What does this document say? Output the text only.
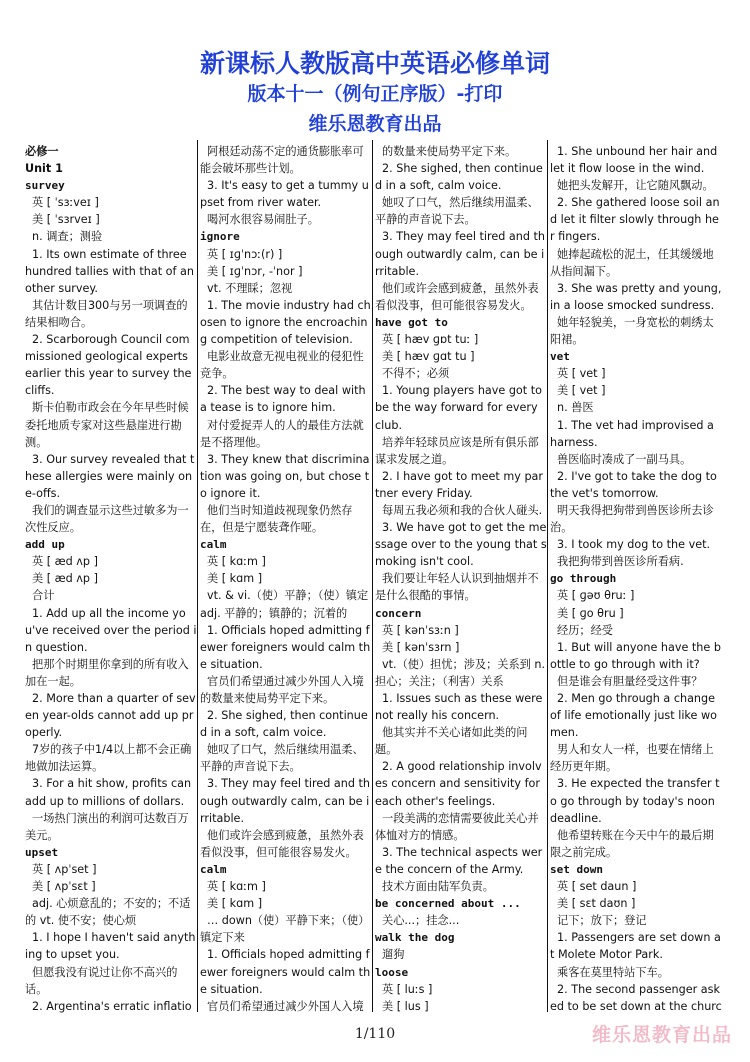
新课标人教版高中英语必修单词
版本十一（例句正序版）-打印
维乐恩教育出品
必修一
Unit 1
survey
英 [ ˈsɜːveɪ ]
美 [ ˈsɜrveɪ ]
n. 调查；测验
1. Its own estimate of three hundred tallies with that of another survey.
其估计数目300与另一项调查的结果相吻合。
2. Scarborough Council commissioned geological experts earlier this year to survey the cliffs.
斯卡伯勒市政会在今年早些时候委托地质专家对这些悬崖进行勘测。
3. Our survey revealed that these allergies were mainly one-offs.
我们的调查显示这些过敏多为一次性反应。
add up
英 [ æd ʌp ]
美 [ æd ʌp ]
合计
1. Add up all the income you've received over the period in question.
把那个时期里你拿到的所有收入加在一起。
2. More than a quarter of seven year-olds cannot add up properly.
7岁的孩子中1/4以上都不会正确地做加法运算。
3. For a hit show, profits can add up to millions of dollars.
一场热门演出的利润可达数百万美元。
upset
英 [ ʌpˈset ]
美 [ ʌpˈsɛt ]
adj. 心烦意乱的；不安的；不适的 vt. 使不安；使心烦
1. I hope I haven't said anything to upset you.
但愿我没有说过让你不高兴的话。
2. Argentina's erratic inflatio
阿根廷动荡不定的通货膨胀率可能会破坏那些计划。
3. It's easy to get a tummy upset from river water.
喝河水很容易闹肚子。
ignore
英 [ ɪɡˈnɔː(r) ]
美 [ ɪɡˈnɔr, -ˈnor ]
vt. 不理睬；忽视
1. The movie industry had chosen to ignore the encroaching competition of television.
电影业故意无视电视业的侵犯性竞争。
2. The best way to deal with a tease is to ignore him.
对付爱捉弄人的人的最佳方法就是不搭理他。
3. They knew that discrimination was going on, but chose to ignore it.
他们当时知道歧视现象仍然存在，但是宁愿装聋作哑。
calm
英 [ kɑːm ]
美 [ kɑm ]
vt. & vi.（使）平静；（使）镇定 adj. 平静的；镇静的；沉着的
1. Officials hoped admitting fewer foreigners would calm the situation.
官员们希望通过减少外国人入境的数量来使局势平定下来。
2. She sighed, then continued in a soft, calm voice.
她叹了口气，然后继续用温柔、平静的声音说下去。
3. They may feel tired and though outwardly calm, can be irritable.
他们或许会感到疲惫，虽然外表看似没事，但可能很容易发火。
calm
英 [ kɑːm ]
美 [ kɑm ]
… down（使）平静下来；（使）镇定下来
1. Officials hoped admitting fewer foreigners would calm the situation.
官员们希望通过减少外国人入境
的数量来使局势平定下来。
2. She sighed, then continued in a soft, calm voice.
她叹了口气，然后继续用温柔、平静的声音说下去。
3. They may feel tired and though outwardly calm, can be irritable.
他们或许会感到疲惫，虽然外表看似没事，但可能很容易发火。
have got to
英 [ hæv ɡɒt tuː ]
美 [ hæv ɡɑt tu ]
不得不；必须
1. Young players have got to be the way forward for every club.
培养年轻球员应该是所有俱乐部谋求发展之道。
2. I have got to meet my partner every Friday.
每周五我必须和我的合伙人碰头.
3. We have got to get the message over to the young that smoking isn't cool.
我们要让年轻人认识到抽烟并不是什么很酷的事情。
concern
英 [ kənˈsɜːn ]
美 [ kənˈsɜrn ]
vt.（使）担忧；涉及；关系到 n. 担心；关注；（利害）关系
1. Issues such as these were not really his concern.
他其实并不关心诸如此类的问题。
2. A good relationship involves concern and sensitivity for each other's feelings.
一段美满的恋情需要彼此关心并体恤对方的情感。
3. The technical aspects were the concern of the Army.
技术方面由陆军负责。
be concerned about ...
关心...；挂念...
walk the dog
遛狗
loose
英 [ luːs ]
美 [ lus ]
1. She unbound her hair and let it flow loose in the wind.
她把头发解开，让它随风飘动。
2. She gathered loose soil and let it filter slowly through her fingers.
她捧起疏松的泥土，任其缓缓地从指间漏下。
3. She was pretty and young, in a loose smocked sundress.
她年轻貌美，一身宽松的刺绣太阳裙。
vet
英 [ vet ]
美 [ vet ]
n. 兽医
1. The vet had improvised a harness.
兽医临时凑成了一副马具。
2. I've got to take the dog to the vet's tomorrow.
明天我得把狗带到兽医诊所去诊治。
3. I took my dog to the vet.
我把狗带到兽医诊所看病.
go through
英 [ ɡəʊ θruː ]
美 [ ɡo θru ]
经历；经受
1. But will anyone have the bottle to go through with it?
但是谁会有胆量经受这件事？
2. Men go through a change of life emotionally just like women.
男人和女人一样，也要在情绪上经历更年期。
3. He expected the transfer to go through by today's noon deadline.
他希望转账在今天中午的最后期限之前完成。
set down
英 [ set daun ]
美 [ sɛt daʊn ]
记下；放下；登记
1. Passengers are set down at Molete Motor Park.
乘客在莫里特站下车。
2. The second passenger asked to be set down at the churc
1/110	维乐恩教育出品
